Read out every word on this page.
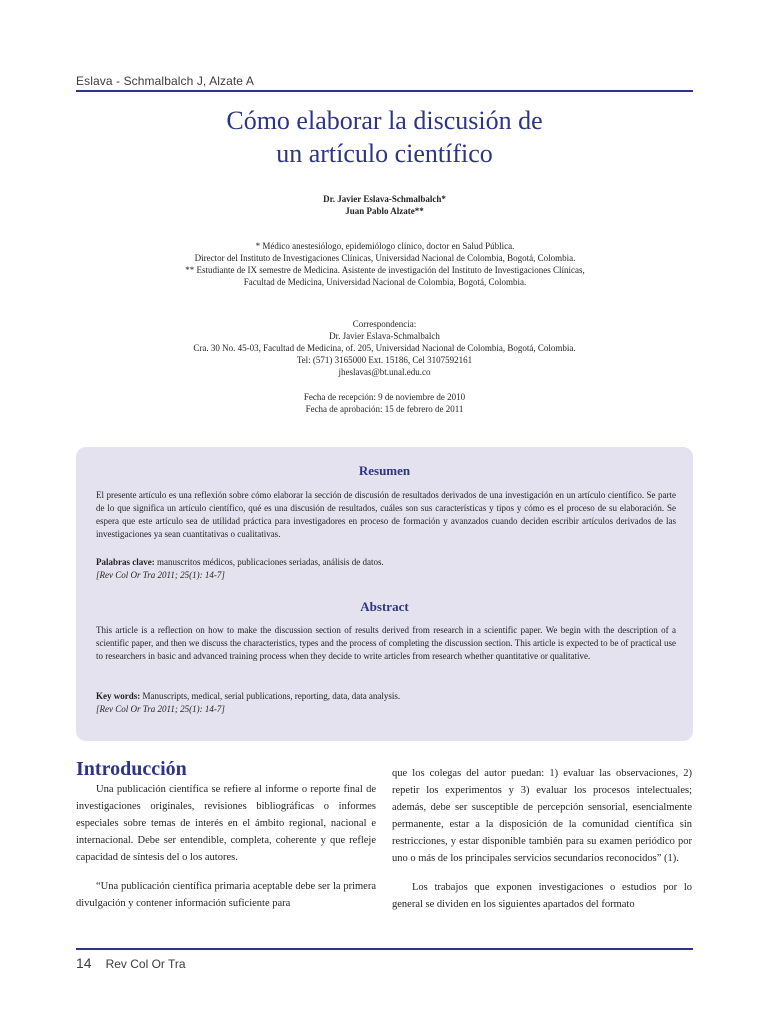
Eslava - Schmalbalch J, Alzate A
Cómo elaborar la discusión de
un artículo científico
Dr. Javier Eslava-Schmalbalch*
Juan Pablo Alzate**
* Médico anestesiólogo, epidemiólogo clínico, doctor en Salud Pública.
Director del Instituto de Investigaciones Clínicas, Universidad Nacional de Colombia, Bogotá, Colombia.
** Estudiante de IX semestre de Medicina. Asistente de investigación del Instituto de Investigaciones Clínicas,
Facultad de Medicina, Universidad Nacional de Colombia, Bogotá, Colombia.
Correspondencia:
Dr. Javier Eslava-Schmalbalch
Cra. 30 No. 45-03, Facultad de Medicina, of. 205, Universidad Nacional de Colombia, Bogotá, Colombia.
Tel: (571) 3165000 Ext. 15186, Cel 3107592161
jheslavas@bt.unal.edu.co
Fecha de recepción: 9 de noviembre de 2010
Fecha de aprobación: 15 de febrero de 2011
Resumen
El presente artículo es una reflexión sobre cómo elaborar la sección de discusión de resultados derivados de una investigación en un artículo científico. Se parte de lo que significa un artículo científico, qué es una discusión de resultados, cuáles son sus características y tipos y cómo es el proceso de su elaboración. Se espera que este artículo sea de utilidad práctica para investigadores en proceso de formación y avanzados cuando deciden escribir artículos derivados de las investigaciones ya sean cuantitativas o cualitativas.
Palabras clave: manuscritos médicos, publicaciones seriadas, análisis de datos.
[Rev Col Or Tra 2011; 25(1): 14-7]
Abstract
This article is a reflection on how to make the discussion section of results derived from research in a scientific paper. We begin with the description of a scientific paper, and then we discuss the characteristics, types and the process of completing the discussion section. This article is expected to be of practical use to researchers in basic and advanced training process when they decide to write articles from research whether quantitative or qualitative.
Key words: Manuscripts, medical, serial publications, reporting, data, data analysis.
[Rev Col Or Tra 2011; 25(1): 14-7]
Introducción

Una publicación científica se refiere al informe o reporte final de investigaciones originales, revisiones bibliográficas o informes especiales sobre temas de interés en el ámbito regional, nacional e internacional. Debe ser entendible, completa, coherente y que refleje capacidad de síntesis del o los autores.

“Una publicación científica primaria aceptable debe ser la primera divulgación y contener información suficiente para

que los colegas del autor puedan: 1) evaluar las observaciones, 2) repetir los experimentos y 3) evaluar los procesos intelectuales; además, debe ser susceptible de percepción sensorial, esencialmente permanente, estar a la disposición de la comunidad científica sin restricciones, y estar disponible también para su examen periódico por uno o más de los principales servicios secundarios reconocidos” (1).

Los trabajos que exponen investigaciones o estudios por lo general se dividen en los siguientes apartados del formato

14 Rev Col Or Tra
